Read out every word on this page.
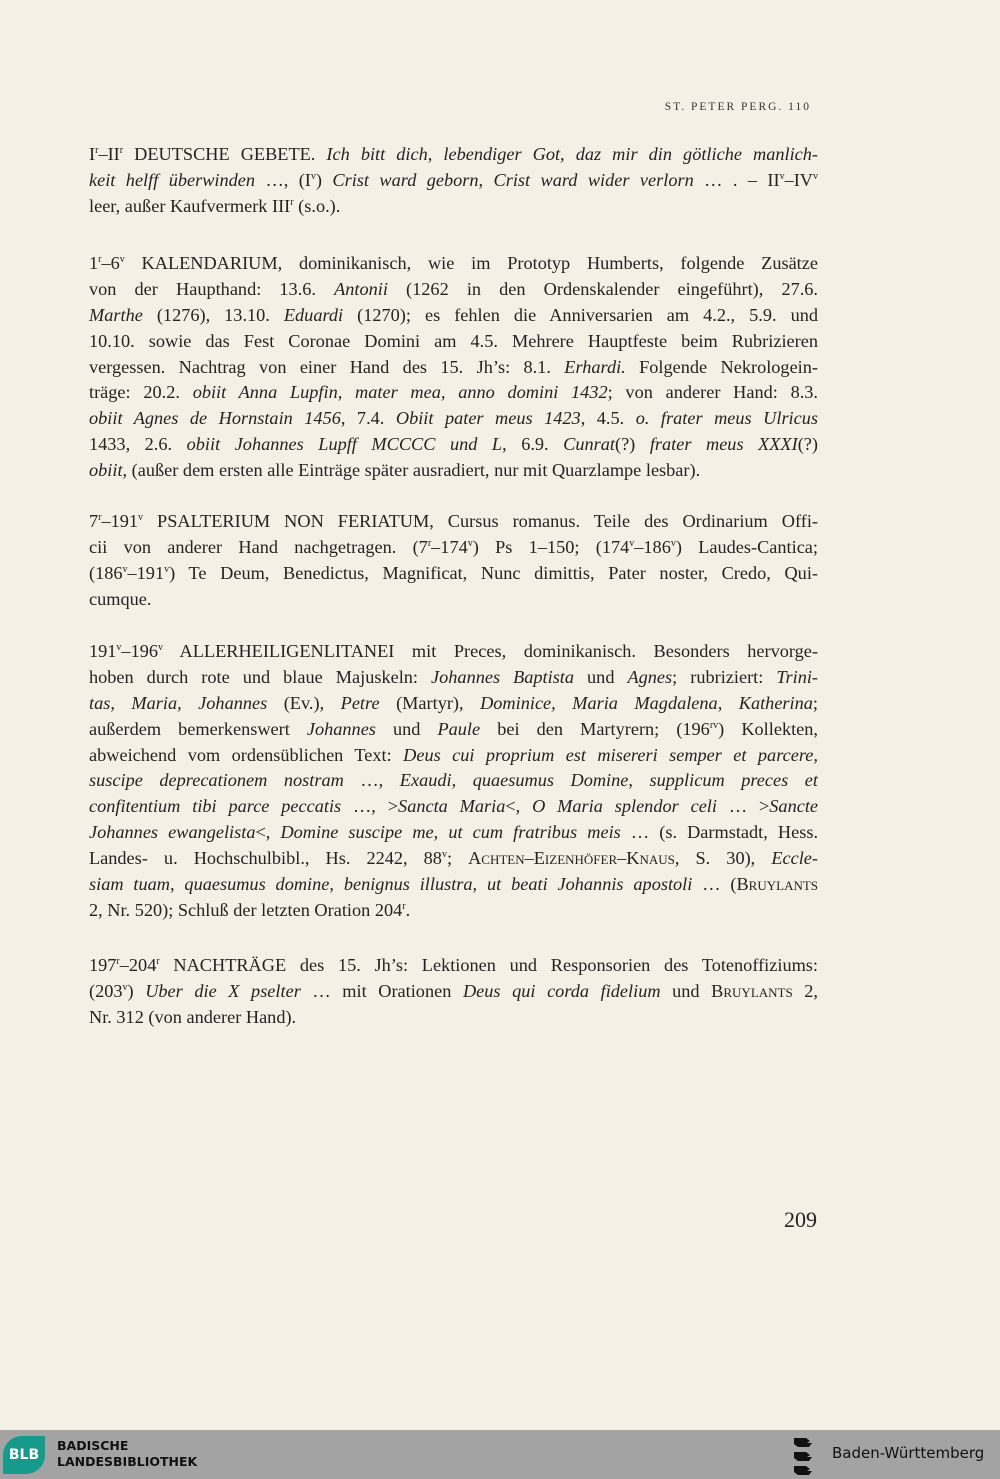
ST. PETER PERG. 110
$I^r-II^r$ DEUTSCHE GEBETE. Ich bitt dich, lebendiger Got, daz mir din götliche manlich-
keit helff überwinden …, $(I^v)$ Crist ward geborn, Crist ward wider verlorn … . – $II^v-IV^v$
leer, außer Kaufvermerk III$^r$ (s.o.).
1$^r$–6$^v$ KALENDARIUM, dominikanisch, wie im Prototyp Humberts, folgende Zusätze
von der Haupthand: 13.6. Antonii (1262 in den Ordenskalender eingeführt), 27.6.
Marthe (1276), 13.10. Eduardi (1270); es fehlen die Anniversarien am 4.2., 5.9. und
10.10. sowie das Fest Coronae Domini am 4.5. Mehrere Hauptfeste beim Rubrizieren
vergessen. Nachtrag von einer Hand des 15. Jh’s: 8.1. Erhardi. Folgende Nekrologein-
träge: 20.2. obiit Anna Lupfin, mater mea, anno domini 1432; von anderer Hand: 8.3.
obiit Agnes de Hornstain 1456, 7.4. Obiit pater meus 1423, 4.5. o. frater meus Ulricus
1433, 2.6. obiit Johannes Lupff MCCCC und L, 6.9. Cunrat(?) frater meus XXXI(?)
obiit, (außer dem ersten alle Einträge später ausradiert, nur mit Quarzlampe lesbar).
7$^r$–191$^v$ PSALTERIUM NON FERIATUM, Cursus romanus. Teile des Ordinarium Offi-
cii von anderer Hand nachgetragen. (7$^r$–174$^v$) Ps 1–150; (174$^v$–186$^v$) Laudes-Cantica;
(186$^v$–191$^v$) Te Deum, Benedictus, Magnificat, Nunc dimittis, Pater noster, Credo, Qui-
cumque.
191$^v$–196$^v$ ALLERHEILIGENLITANEI mit Preces, dominikanisch. Besonders hervorge-
hoben durch rote und blaue Majuskeln: Johannes Baptista und Agnes; rubriziert: Trini-
tas, Maria, Johannes (Ev.), Petre (Martyr), Dominice, Maria Magdalena, Katherina;
außerdem bemerkenswert Johannes und Paule bei den Martyrern; $(196^{rv})$ Kollekten,
abweichend vom ordensüblichen Text: Deus cui proprium est misereri semper et parcere,
suscipe deprecationem nostram …, Exaudi, quaesumus Domine, supplicum preces et
confitentium tibi parce peccatis …, >Sancta Maria<, O Maria splendor celi … >Sancte
Johannes ewangelista<, Domine suscipe me, ut cum fratribus meis … (s. Darmstadt, Hess.
Landes- u. Hochschulbibl., Hs. 2242, 88$^v$; Achten–Eizenhöfer–Knaus, S. 30), Eccle-
siam tuam, quaesumus domine, benignus illustra, ut beati Johannis apostoli … (Bruylants
2, Nr. 520); Schluß der letzten Oration 204$^r$.
197$^r$–204$^r$ NACHTRÄGE des 15. Jh’s: Lektionen und Responsorien des Totenoffiziums:
(203$^v$) Uber die X pselter … mit Orationen Deus qui corda fidelium und Bruylants 2,
Nr. 312 (von anderer Hand).
209
BLB
BADISCHE
LANDESBIBLIOTHEK	Baden-Württemberg
